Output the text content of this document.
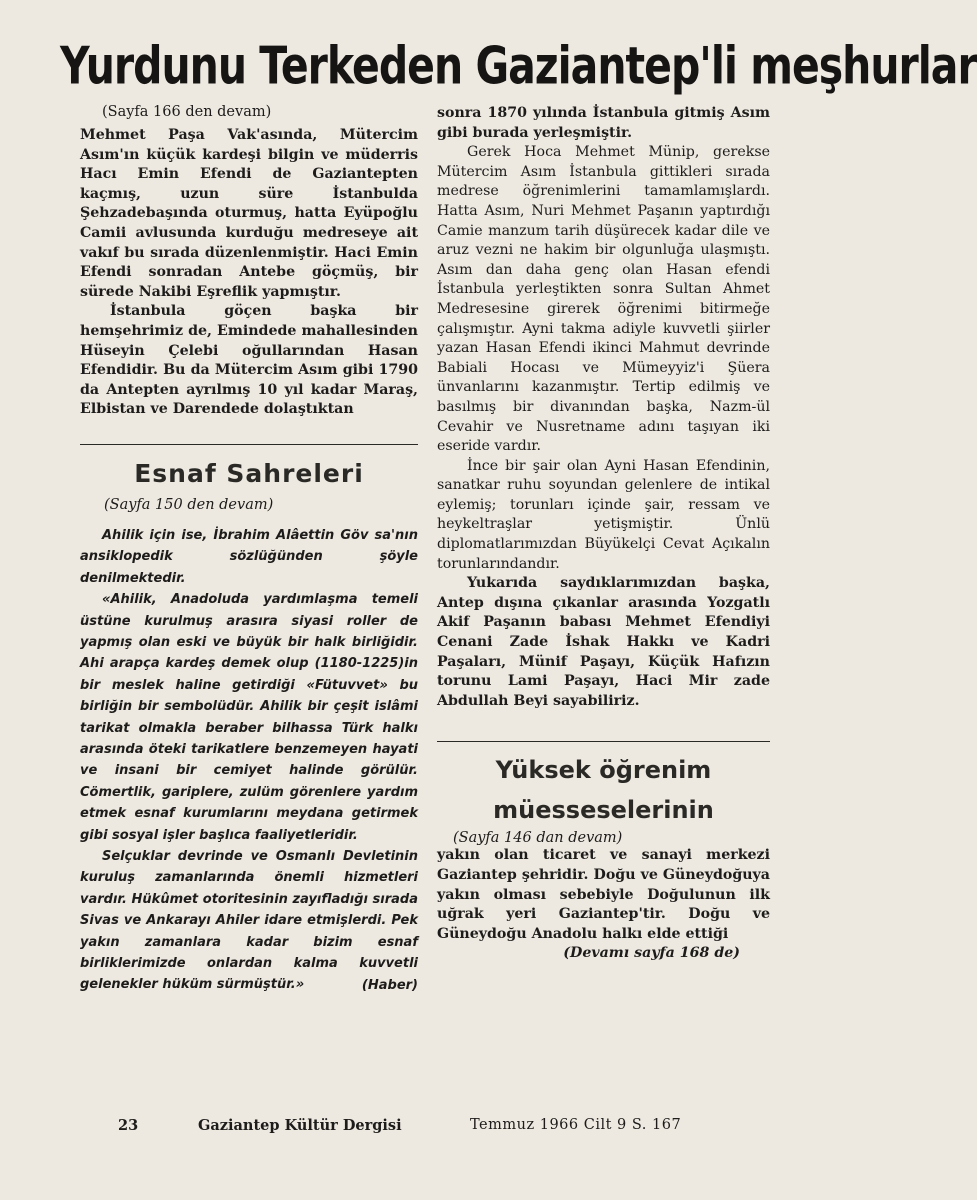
Yurdunu Terkeden Gaziantep'li meşhurlar

(Sayfa 166 den devam)

Mehmet Paşa Vak'asında, Mütercim Asım'ın küçük kardeşi bilgin ve müderris Hacı Emin Efendi de Gaziantepten kaçmış, uzun süre İstanbulda Şehzadebaşında oturmuş, hatta Eyüpoğlu Camii avlusunda kurduğu medreseye ait vakıf bu sırada düzenlenmiştir. Haci Emin Efendi sonradan Antebe göçmüş, bir sürede Nakibi Eşreflik yapmıştır.

İstanbula göçen başka bir hemşehrimiz de, Emindede mahallesinden Hüseyin Çelebi oğullarından Hasan Efendidir. Bu da Mütercim Asım gibi 1790 da Antepten ayrılmış 10 yıl kadar Maraş, Elbistan ve Darendede dolaştıktan

Esnaf Sahreleri

(Sayfa 150 den devam)

Ahilik için ise, İbrahim Alâettin Göv sa'nın ansiklopedik sözlüğünden şöyle denilmektedir.

«Ahilik, Anadoluda yardımlaşma temeli üstüne kurulmuş arasıra siyasi roller de yapmış olan eski ve büyük bir halk birliğidir. Ahi arapça kardeş demek olup (1180-1225)in bir meslek haline getirdiği «Fütuvvet» bu birliğin bir sembolüdür. Ahilik bir çeşit islâmi tarikat olmakla beraber bilhassa Türk halkı arasında öteki tarikatlere benzemeyen hayati ve insani bir cemiyet halinde görülür. Cömertlik, gariplere, zulüm görenlere yardım etmek esnaf kurumlarını meydana getirmek gibi sosyal işler başlıca faaliyetleridir.

Selçuklar devrinde ve Osmanlı Devletinin kuruluş zamanlarında önemli hizmetleri vardır. Hükûmet otoritesinin zayıfladığı sırada Sivas ve Ankarayı Ahiler idare etmişlerdi. Pek yakın zamanlara kadar bizim esnaf birliklerimizde onlardan kalma kuvvetli gelenekler hüküm sürmüştür.»	(Haber)

sonra 1870 yılında İstanbula gitmiş Asım gibi burada yerleşmiştir.

Gerek Hoca Mehmet Münip, gerekse Mütercim Asım İstanbula gittikleri sırada medrese öğrenimlerini tamamlamışlardı. Hatta Asım, Nuri Mehmet Paşanın yaptırdığı Camie manzum tarih düşürecek kadar dile ve aruz vezni ne hakim bir olgunluğa ulaşmıştı. Asım dan daha genç olan Hasan efendi İstanbula yerleştikten sonra Sultan Ahmet Medresesine girerek öğrenimi bitirmeğe çalışmıştır. Ayni takma adiyle kuvvetli şiirler yazan Hasan Efendi ikinci Mahmut devrinde Babiali Hocası ve Mümeyyiz'i Şüera ünvanlarını kazanmıştır. Tertip edilmiş ve basılmış bir divanından başka, Nazm-ül Cevahir ve Nusretname adını taşıyan iki eseride vardır.

İnce bir şair olan Ayni Hasan Efendinin, sanatkar ruhu soyundan gelenlere de intikal eylemiş; torunları içinde şair, ressam ve heykeltraşlar yetişmiştir. Ünlü diplomatlarımızdan Büyükelçi Cevat Açıkalın torunlarındandır.

Yukarıda saydıklarımızdan başka, Antep dışına çıkanlar arasında Yozgatlı Akif Paşanın babası Mehmet Efendiyi Cenani Zade İshak Hakkı ve Kadri Paşaları, Münif Paşayı, Küçük Hafızın torunu Lami Paşayı, Haci Mir zade Abdullah Beyi sayabiliriz.

Yüksek öğrenim
müesseselerinin

(Sayfa 146 dan devam)

yakın olan ticaret ve sanayi merkezi Gaziantep şehridir. Doğu ve Güneydoğuya yakın olması sebebiyle Doğulunun ilk uğrak yeri Gaziantep'tir. Doğu ve Güneydoğu Anadolu halkı elde ettiği

(Devamı sayfa 168 de)

23	Gaziantep Kültür Dergisi	Temmuz 1966 Cilt 9 S. 167
